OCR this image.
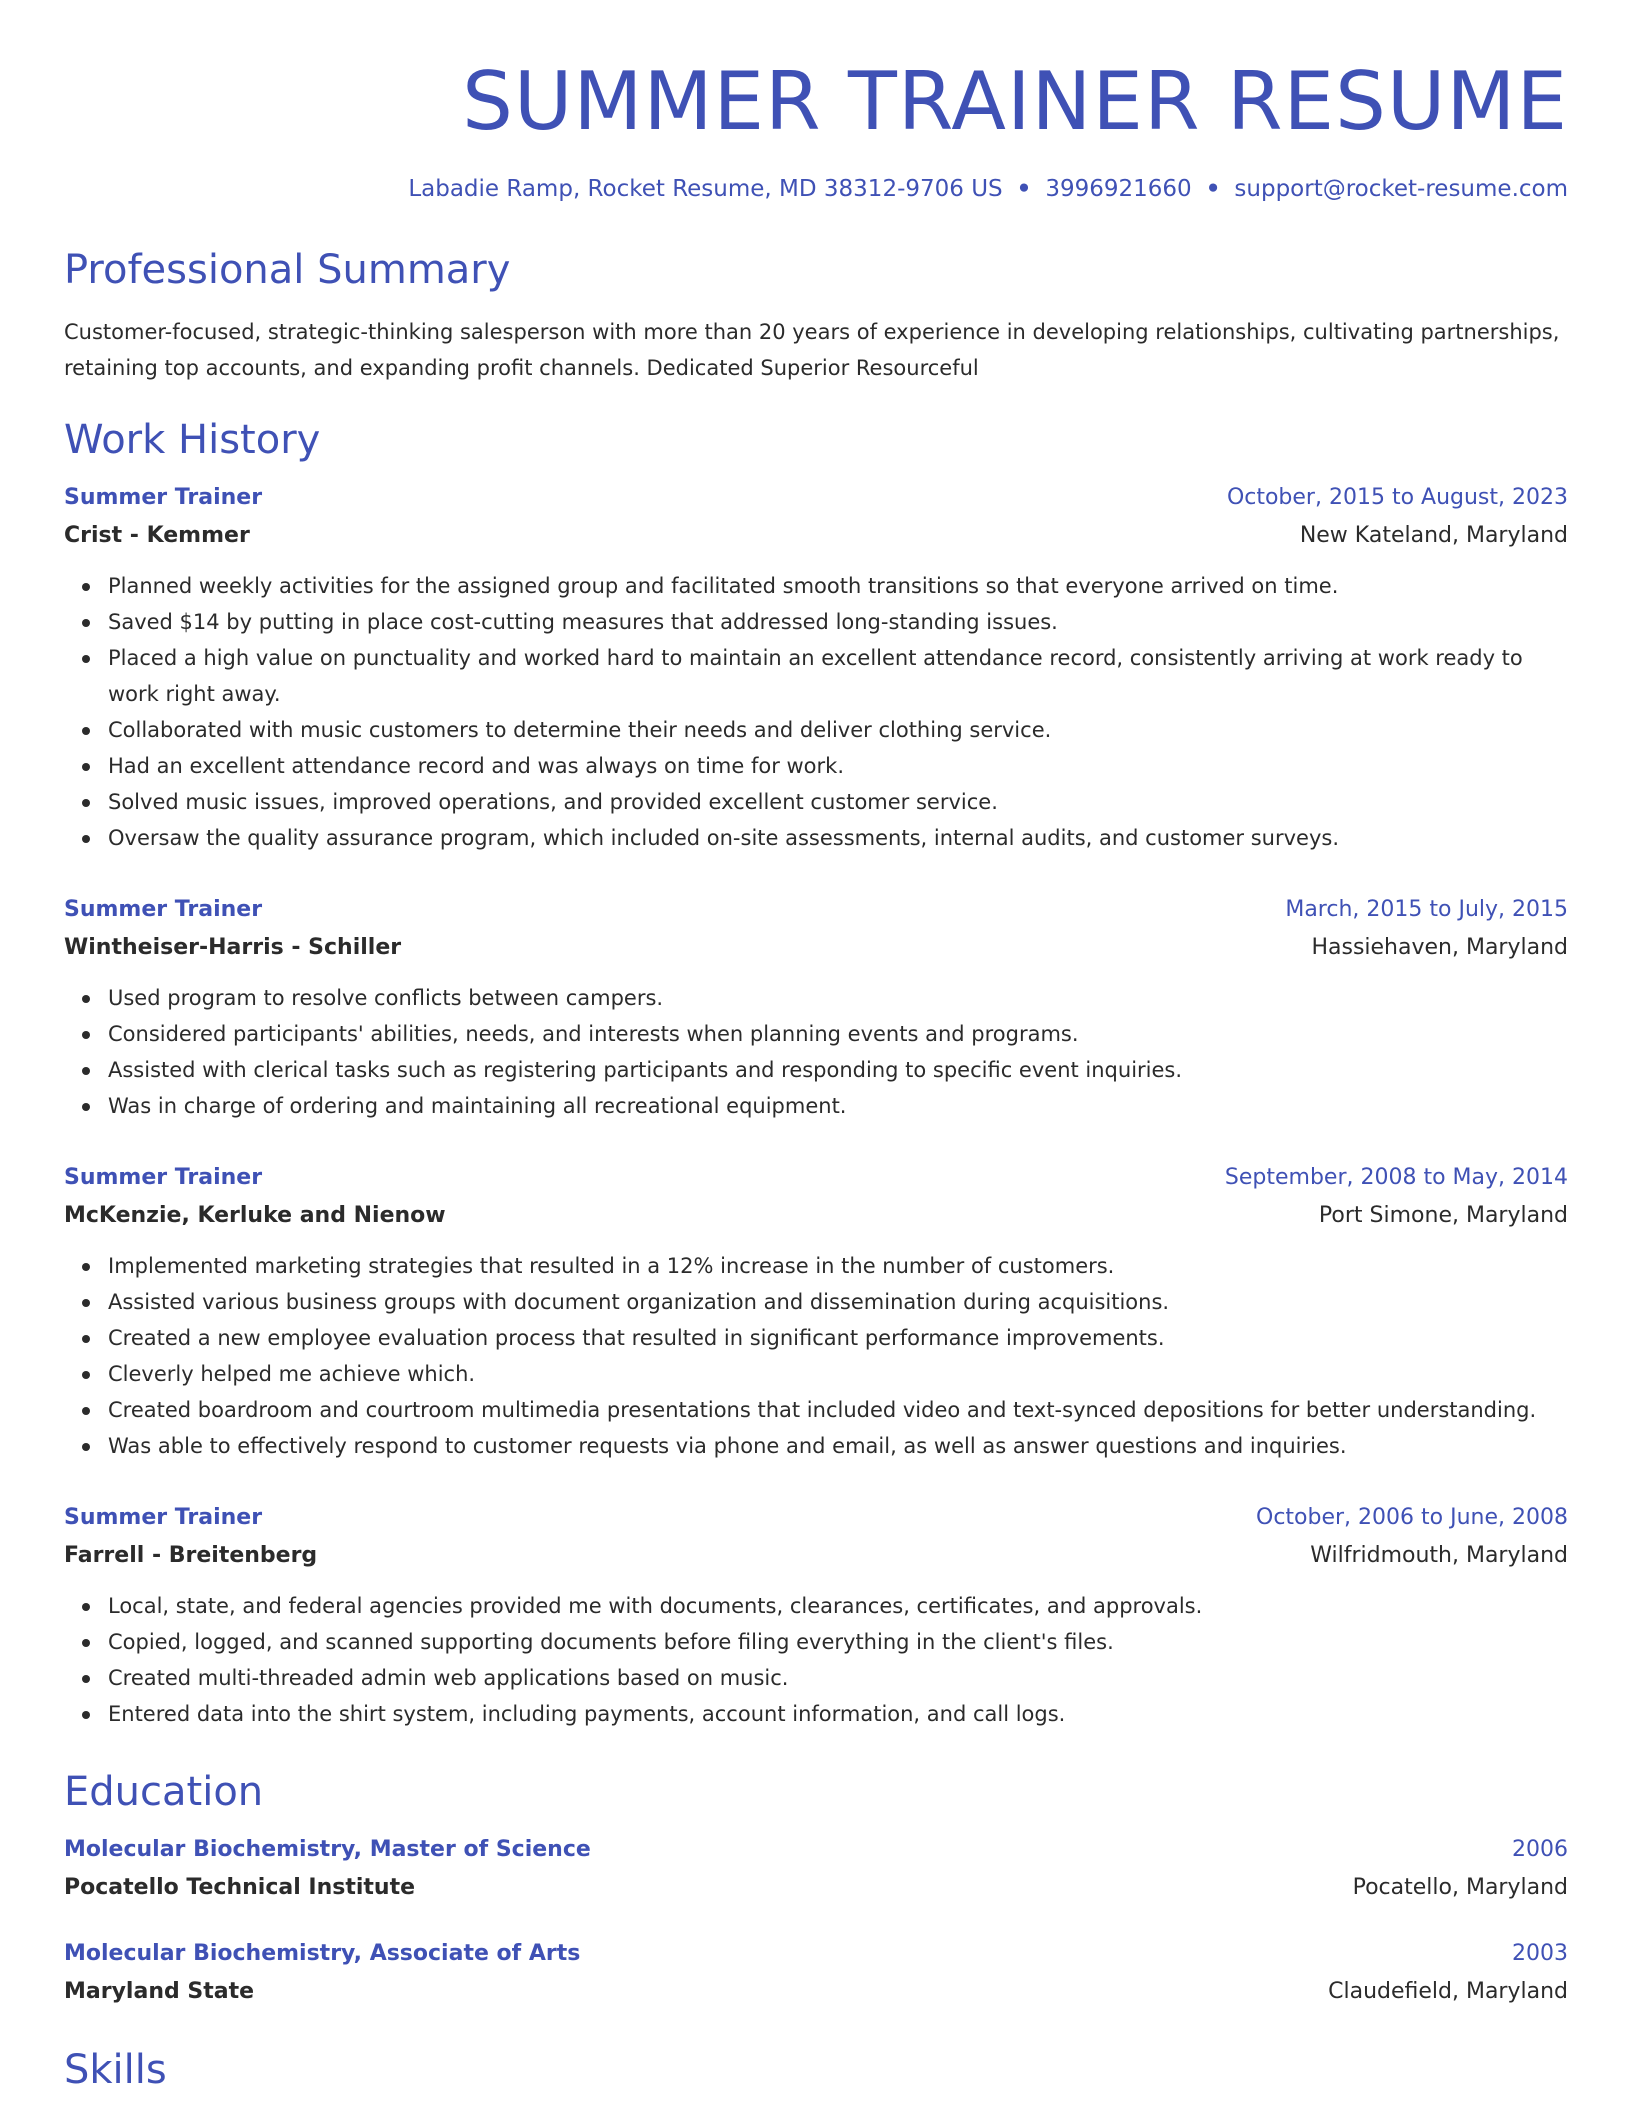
SUMMER TRAINER RESUME
Labadie Ramp, Rocket Resume, MD 38312-9706 US • 3996921660 • support@rocket-resume.com
Professional Summary

Customer-focused, strategic-thinking salesperson with more than 20 years of experience in developing relationships, cultivating partnerships, retaining top accounts, and expanding profit channels. Dedicated Superior Resourceful

Work History
Summer Trainer	October, 2015 to August, 2023
Crist - Kemmer	New Kateland, Maryland
Planned weekly activities for the assigned group and facilitated smooth transitions so that everyone arrived on time.
Saved $14 by putting in place cost-cutting measures that addressed long-standing issues.
Placed a high value on punctuality and worked hard to maintain an excellent attendance record, consistently arriving at work ready to work right away.
Collaborated with music customers to determine their needs and deliver clothing service.
Had an excellent attendance record and was always on time for work.
Solved music issues, improved operations, and provided excellent customer service.
Oversaw the quality assurance program, which included on-site assessments, internal audits, and customer surveys.
Summer Trainer	March, 2015 to July, 2015
Wintheiser-Harris - Schiller	Hassiehaven, Maryland
Used program to resolve conflicts between campers.
Considered participants' abilities, needs, and interests when planning events and programs.
Assisted with clerical tasks such as registering participants and responding to specific event inquiries.
Was in charge of ordering and maintaining all recreational equipment.
Summer Trainer	September, 2008 to May, 2014
McKenzie, Kerluke and Nienow	Port Simone, Maryland
Implemented marketing strategies that resulted in a 12% increase in the number of customers.
Assisted various business groups with document organization and dissemination during acquisitions.
Created a new employee evaluation process that resulted in significant performance improvements.
Cleverly helped me achieve which.
Created boardroom and courtroom multimedia presentations that included video and text-synced depositions for better understanding.
Was able to effectively respond to customer requests via phone and email, as well as answer questions and inquiries.
Summer Trainer	October, 2006 to June, 2008
Farrell - Breitenberg	Wilfridmouth, Maryland
Local, state, and federal agencies provided me with documents, clearances, certificates, and approvals.
Copied, logged, and scanned supporting documents before filing everything in the client's files.
Created multi-threaded admin web applications based on music.
Entered data into the shirt system, including payments, account information, and call logs.
Education
Molecular Biochemistry, Master of Science	2006
Pocatello Technical Institute	Pocatello, Maryland
Molecular Biochemistry, Associate of Arts	2003
Maryland State	Claudefield, Maryland
Skills
